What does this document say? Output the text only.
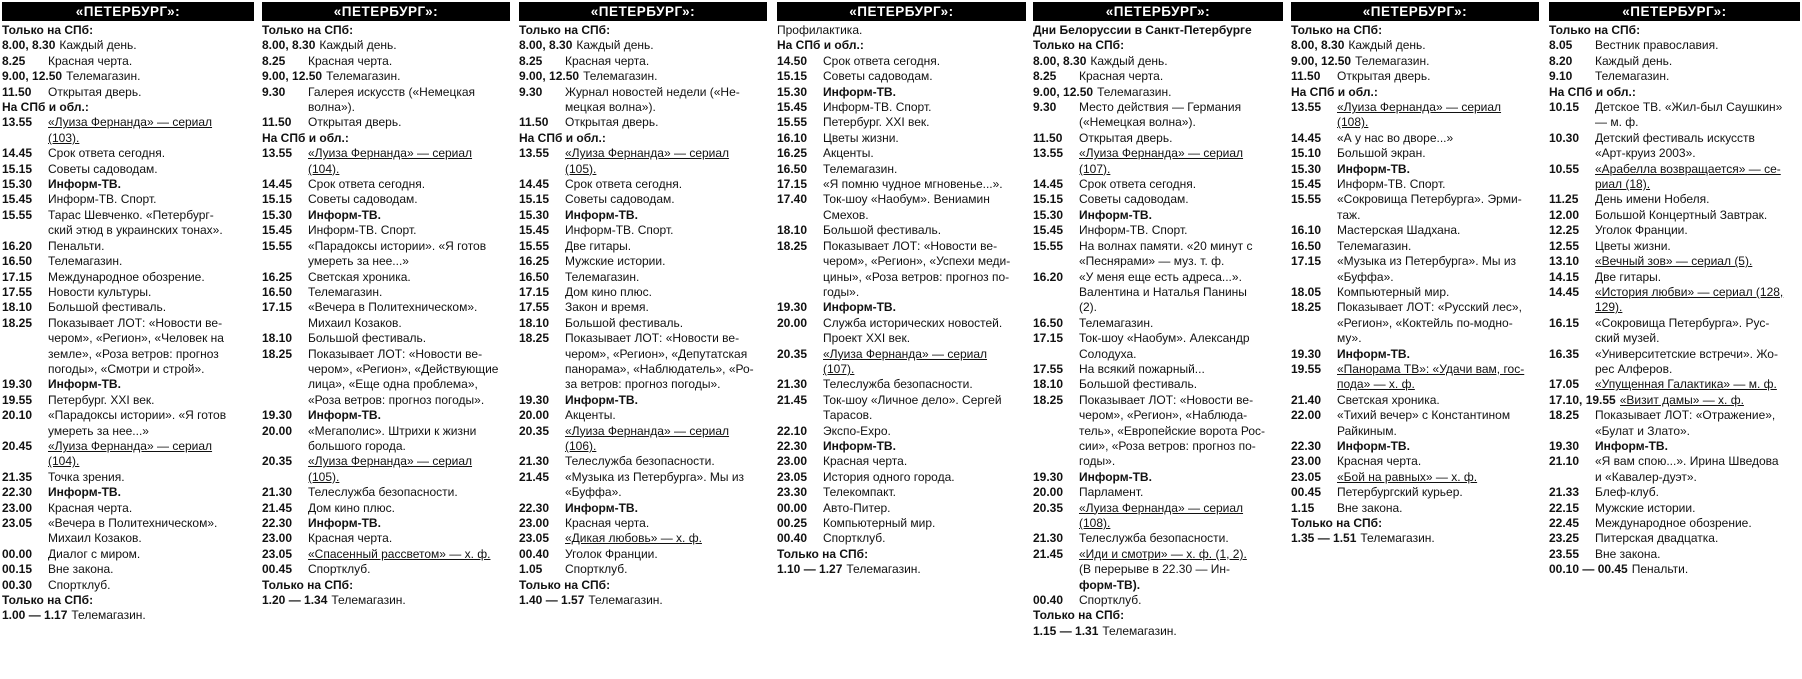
«ПЕТЕРБУРГ»:
Только на СПб:
8.00, 8.30 Каждый день.
8.25	Красная черта.
9.00, 12.50 Телемагазин.
11.50	Открытая дверь.
На СПб и обл.:
13.55	«Луиза Фернанда» — сериал
(103).
14.45	Срок ответа сегодня.
15.15	Советы садоводам.
15.30	Информ-ТВ.
15.45	Информ-ТВ. Спорт.
15.55	Тарас Шевченко. «Петербург-
ский этюд в украинских тонах».
16.20	Пенальти.
16.50	Телемагазин.
17.15	Международное обозрение.
17.55	Новости культуры.
18.10	Большой фестиваль.
18.25	Показывает ЛОТ: «Новости ве-
чером», «Регион», «Человек на
земле», «Роза ветров: прогноз
погоды», «Смотри и строй».
19.30	Информ-ТВ.
19.55	Петербург. XXI век.
20.10	«Парадоксы истории». «Я готов
умереть за нее...»
20.45	«Луиза Фернанда» — сериал
(104).
21.35	Точка зрения.
22.30	Информ-ТВ.
23.00	Красная черта.
23.05	«Вечера в Политехническом».
Михаил Козаков.
00.00	Диалог с миром.
00.15	Вне закона.
00.30	Спортклуб.
Только на СПб:
1.00 — 1.17 Телемагазин.
«ПЕТЕРБУРГ»:
Только на СПб:
8.00, 8.30 Каждый день.
8.25	Красная черта.
9.00, 12.50 Телемагазин.
9.30	Галерея искусств («Немецкая
волна»).
11.50	Открытая дверь.
На СПб и обл.:
13.55	«Луиза Фернанда» — сериал
(104).
14.45	Срок ответа сегодня.
15.15	Советы садоводам.
15.30	Информ-ТВ.
15.45	Информ-ТВ. Спорт.
15.55	«Парадоксы истории». «Я готов
умереть за нее...»
16.25	Светская хроника.
16.50	Телемагазин.
17.15	«Вечера в Политехническом».
Михаил Козаков.
18.10	Большой фестиваль.
18.25	Показывает ЛОТ: «Новости ве-
чером», «Регион», «Действующие
лица», «Еще одна проблема»,
«Роза ветров: прогноз погоды».
19.30	Информ-ТВ.
20.00	«Мегаполис». Штрихи к жизни
большого города.
20.35	«Луиза Фернанда» — сериал
(105).
21.30	Телеслужба безопасности.
21.45	Дом кино плюс.
22.30	Информ-ТВ.
23.00	Красная черта.
23.05	«Спасенный рассветом» — х. ф.
00.45	Спортклуб.
Только на СПб:
1.20 — 1.34 Телемагазин.
«ПЕТЕРБУРГ»:
Только на СПб:
8.00, 8.30 Каждый день.
8.25	Красная черта.
9.00, 12.50 Телемагазин.
9.30	Журнал новостей недели («Не-
мецкая волна»).
11.50	Открытая дверь.
На СПб и обл.:
13.55	«Луиза Фернанда» — сериал
(105).
14.45	Срок ответа сегодня.
15.15	Советы садоводам.
15.30	Информ-ТВ.
15.45	Информ-ТВ. Спорт.
15.55	Две гитары.
16.25	Мужские истории.
16.50	Телемагазин.
17.15	Дом кино плюс.
17.55	Закон и время.
18.10	Большой фестиваль.
18.25	Показывает ЛОТ: «Новости ве-
чером», «Регион», «Депутатская
панорама», «Наблюдатель», «Ро-
за ветров: прогноз погоды».
19.30	Информ-ТВ.
20.00	Акценты.
20.35	«Луиза Фернанда» — сериал
(106).
21.30	Телеслужба безопасности.
21.45	«Музыка из Петербурга». Мы из
«Буффа».
22.30	Информ-ТВ.
23.00	Красная черта.
23.05	«Дикая любовь» — х. ф.
00.40	Уголок Франции.
1.05	Спортклуб.
Только на СПб:
1.40 — 1.57 Телемагазин.
«ПЕТЕРБУРГ»:
Профилактика.
На СПб и обл.:
14.50	Срок ответа сегодня.
15.15	Советы садоводам.
15.30	Информ-ТВ.
15.45	Информ-ТВ. Спорт.
15.55	Петербург. XXI век.
16.10	Цветы жизни.
16.25	Акценты.
16.50	Телемагазин.
17.15	«Я помню чудное мгновенье...».
17.40	Ток-шоу «Наобум». Вениамин
Смехов.
18.10	Большой фестиваль.
18.25	Показывает ЛОТ: «Новости ве-
чером», «Регион», «Успехи меди-
цины», «Роза ветров: прогноз по-
годы».
19.30	Информ-ТВ.
20.00	Служба исторических новостей.
Проект XXI век.
20.35	«Луиза Фернанда» — сериал
(107).
21.30	Телеслужба безопасности.
21.45	Ток-шоу «Личное дело». Сергей
Тарасов.
22.10	Экспо-Expo.
22.30	Информ-ТВ.
23.00	Красная черта.
23.05	История одного города.
23.30	Телекомпакт.
00.00	Авто-Питер.
00.25	Компьютерный мир.
00.40	Спортклуб.
Только на СПб:
1.10 — 1.27 Телемагазин.
«ПЕТЕРБУРГ»:
Дни Белоруссии в Санкт-Петербурге
Только на СПб:
8.00, 8.30 Каждый день.
8.25	Красная черта.
9.00, 12.50 Телемагазин.
9.30	Место действия — Германия
(«Немецкая волна»).
11.50	Открытая дверь.
13.55	«Луиза Фернанда» — сериал
(107).
14.45	Срок ответа сегодня.
15.15	Советы садоводам.
15.30	Информ-ТВ.
15.45	Информ-ТВ. Спорт.
15.55	На волнах памяти. «20 минут с
«Песнярами» — муз. т. ф.
16.20	«У меня еще есть адреса...».
Валентина и Наталья Панины
(2).
16.50	Телемагазин.
17.15	Ток-шоу «Наобум». Александр
Солодуха.
17.55	На всякий пожарный...
18.10	Большой фестиваль.
18.25	Показывает ЛОТ: «Новости ве-
чером», «Регион», «Наблюда-
тель», «Европейские ворота Рос-
сии», «Роза ветров: прогноз по-
годы».
19.30	Информ-ТВ.
20.00	Парламент.
20.35	«Луиза Фернанда» — сериал
(108).
21.30	Телеслужба безопасности.
21.45	«Иди и смотри» — х. ф. (1, 2).
(В перерыве в 22.30 — Ин-
форм-ТВ).
00.40	Спортклуб.
Только на СПб:
1.15 — 1.31 Телемагазин.
«ПЕТЕРБУРГ»:
Только на СПб:
8.00, 8.30 Каждый день.
9.00, 12.50 Телемагазин.
11.50	Открытая дверь.
На СПб и обл.:
13.55	«Луиза Фернанда» — сериал
(108).
14.45	«А у нас во дворе...»
15.10	Большой экран.
15.30	Информ-ТВ.
15.45	Информ-ТВ. Спорт.
15.55	«Сокровища Петербурга». Эрми-
таж.
16.10	Мастерская Шадхана.
16.50	Телемагазин.
17.15	«Музыка из Петербурга». Мы из
«Буффа».
18.05	Компьютерный мир.
18.25	Показывает ЛОТ: «Русский лес»,
«Регион», «Коктейль по-модно-
му».
19.30	Информ-ТВ.
19.55	«Панорама ТВ»: «Удачи вам, гос-
пода» — х. ф.
21.40	Светская хроника.
22.00	«Тихий вечер» с Константином
Райкиным.
22.30	Информ-ТВ.
23.00	Красная черта.
23.05	«Бой на равных» — х. ф.
00.45	Петербургский курьер.
1.15	Вне закона.
Только на СПб:
1.35 — 1.51 Телемагазин.
«ПЕТЕРБУРГ»:
Только на СПб:
8.05	Вестник православия.
8.20	Каждый день.
9.10	Телемагазин.
На СПб и обл.:
10.15	Детское ТВ. «Жил-был Саушкин»
— м. ф.
10.30	Детский фестиваль искусств
«Арт-круиз 2003».
10.55	«Арабелла возвращается» — се-
риал (18).
11.25	День имени Нобеля.
12.00	Большой Концертный Завтрак.
12.25	Уголок Франции.
12.55	Цветы жизни.
13.10	«Вечный зов» — сериал (5).
14.15	Две гитары.
14.45	«История любви» — сериал (128,
129).
16.15	«Сокровища Петербурга». Рус-
ский музей.
16.35	«Университетские встречи». Жо-
рес Алферов.
17.05	«Упущенная Галактика» — м. ф.
17.10, 19.55 «Визит дамы» — х. ф.
18.25	Показывает ЛОТ: «Отражение»,
«Булат и Злато».
19.30	Информ-ТВ.
21.10	«Я вам спою...». Ирина Шведова
и «Кавалер-дуэт».
21.33	Блеф-клуб.
22.15	Мужские истории.
22.45	Международное обозрение.
23.25	Питерская двадцатка.
23.55	Вне закона.
00.10 — 00.45 Пенальти.
